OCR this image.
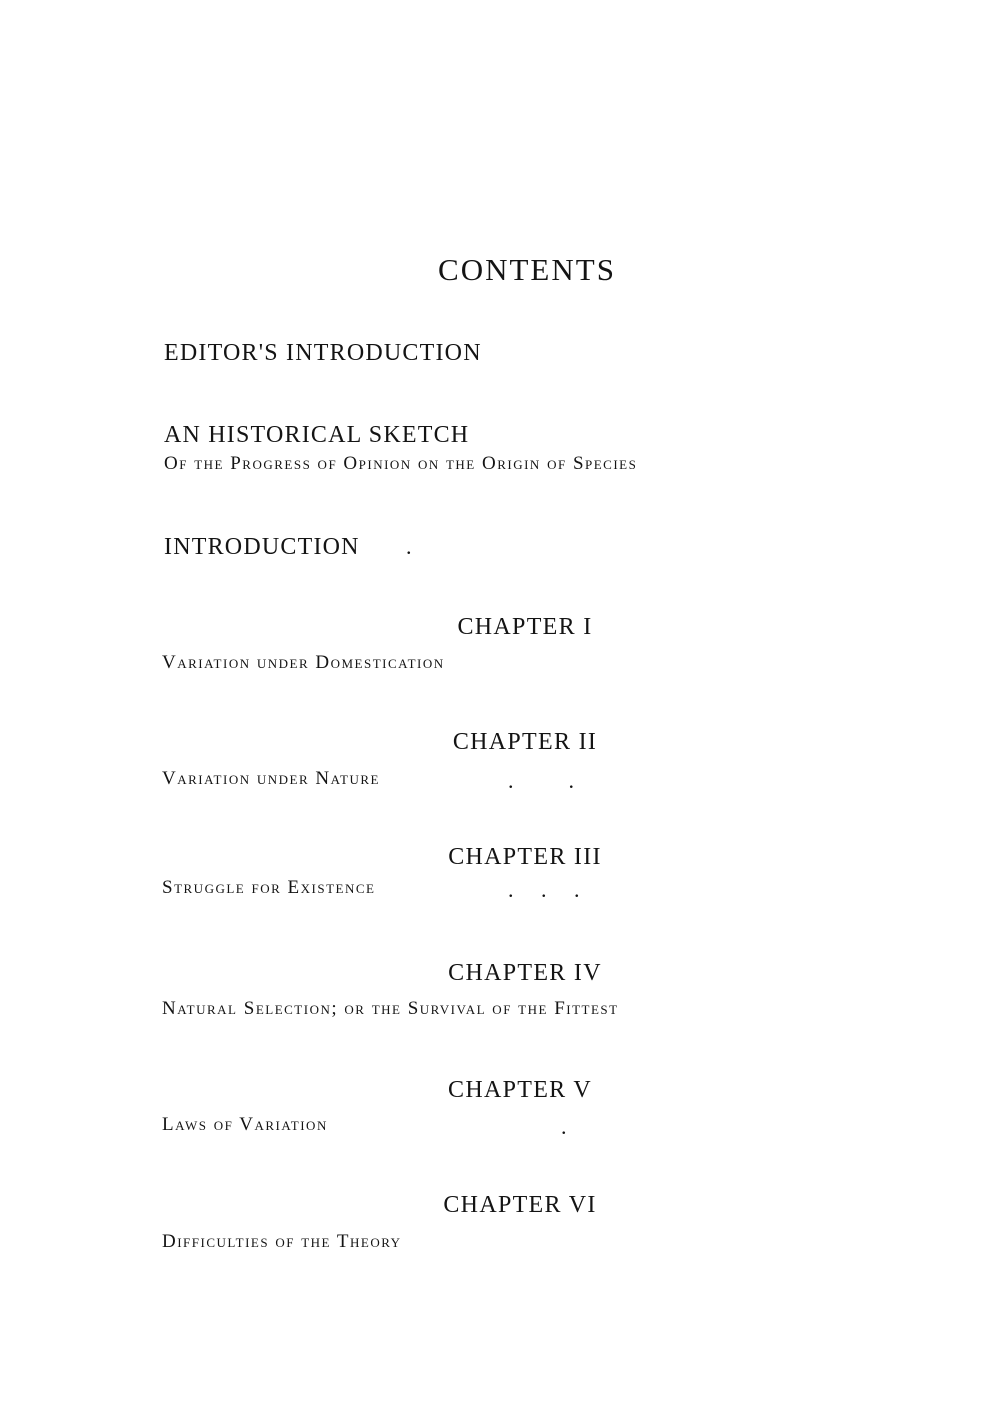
CONTENTS
EDITOR'S INTRODUCTION
AN HISTORICAL SKETCH
Of the Progress of Opinion on the Origin of Species
INTRODUCTION .
CHAPTER I
Variation under Domestication
CHAPTER II
Variation under Nature	.          .
CHAPTER III
Struggle for Existence	.     .     .
CHAPTER IV
Natural Selection; or the Survival of the Fittest
CHAPTER V
Laws of Variation	.
CHAPTER VI
Difficulties of the Theory
